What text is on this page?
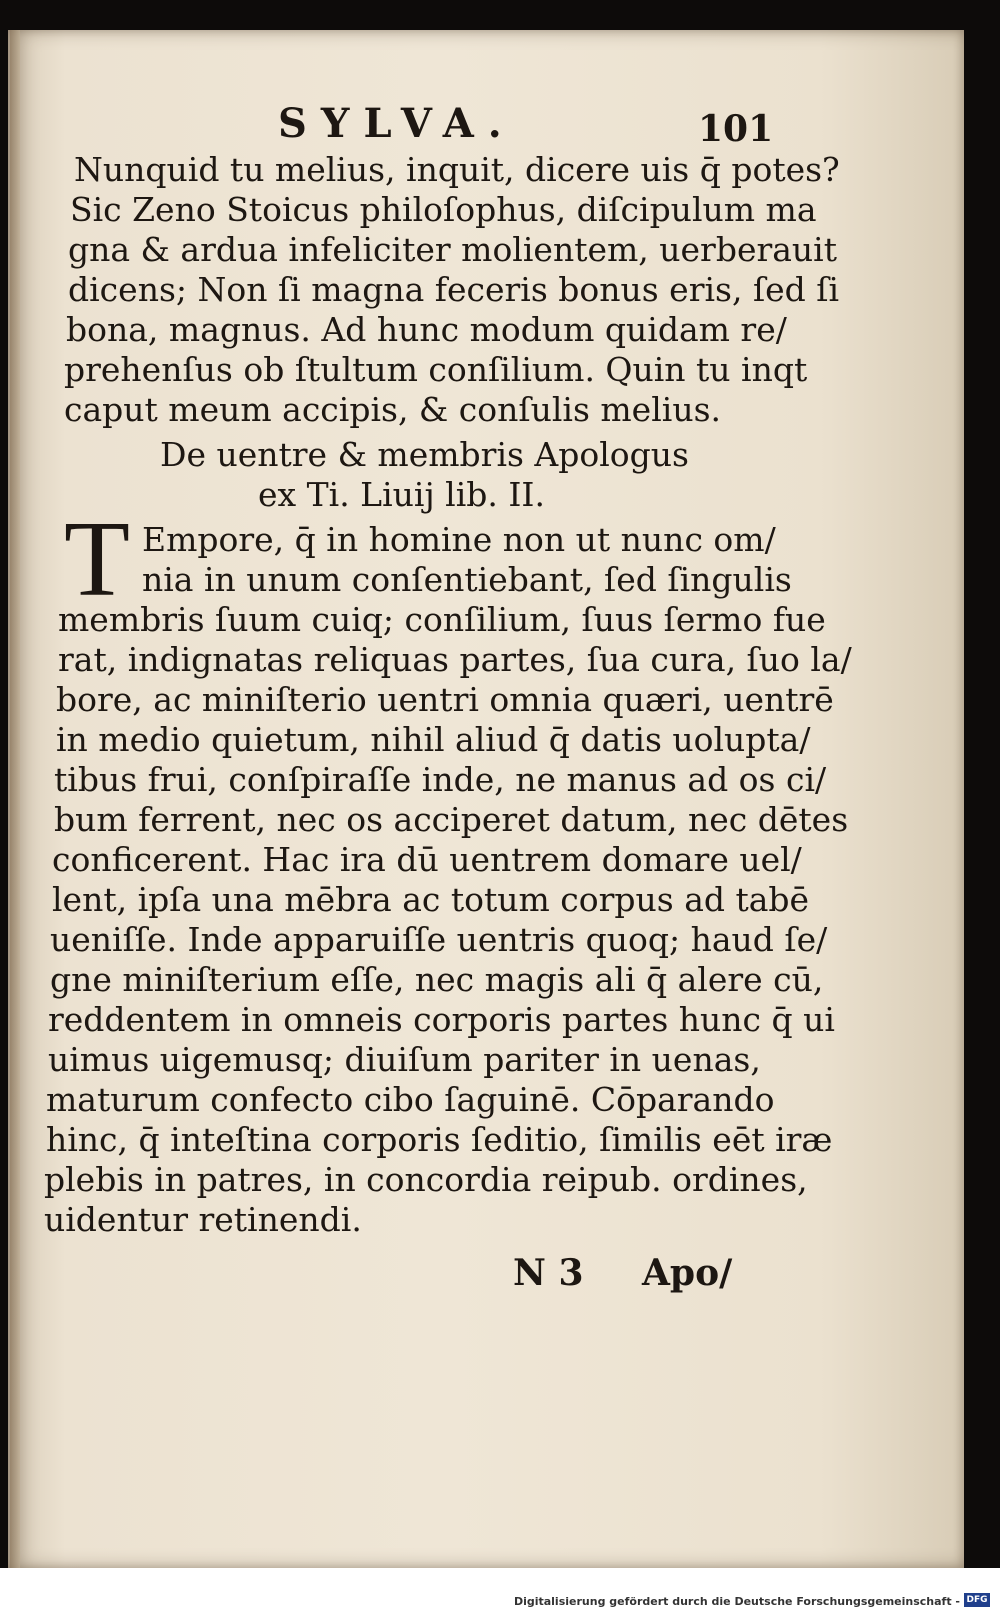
SYLVA.	101
Nunquid tu melius, inquit, dicere uis q̄ potes?
Sic Zeno Stoicus philoſophus, diſcipulum ma
gna & ardua infeliciter molientem, uerberauit
dicens; Non ſi magna feceris bonus eris, ſed ſi
bona, magnus. Ad hunc modum quidam re/
prehenſus ob ſtultum conſilium. Quin tu inqt
caput meum accipis, & conſulis melius.
De uentre & membris Apologus
ex Ti. Liuij lib. II.
T Empore, q̄ in homine non ut nunc om/
nia in unum conſentiebant, ſed ſingulis
membris ſuum cuiq; conſilium, ſuus ſermo fue
rat, indignatas reliquas partes, ſua cura, ſuo la/
bore, ac miniſterio uentri omnia quæri, uentrē
in medio quietum, nihil aliud q̄ datis uolupta/
tibus frui, conſpiraſſe inde, ne manus ad os ci/
bum ferrent, nec os acciperet datum, nec dētes
conficerent. Hac ira dū uentrem domare uel/
lent, ipſa una mēbra ac totum corpus ad tabē
ueniſſe. Inde apparuiſſe uentris quoq; haud ſe/
gne miniſterium eſſe, nec magis ali q̄ alere cū,
reddentem in omneis corporis partes hunc q̄ ui
uimus uigemusq; diuiſum pariter in uenas,
maturum confecto cibo ſaguinē. Cōparando
hinc, q̄ inteſtina corporis ſeditio, ſimilis eēt iræ
plebis in patres, in concordia reipub. ordines,
uidentur retinendi.
N 3 Apo/
Digitalisierung gefördert durch die Deutsche Forschungsgemeinschaft - DFG
